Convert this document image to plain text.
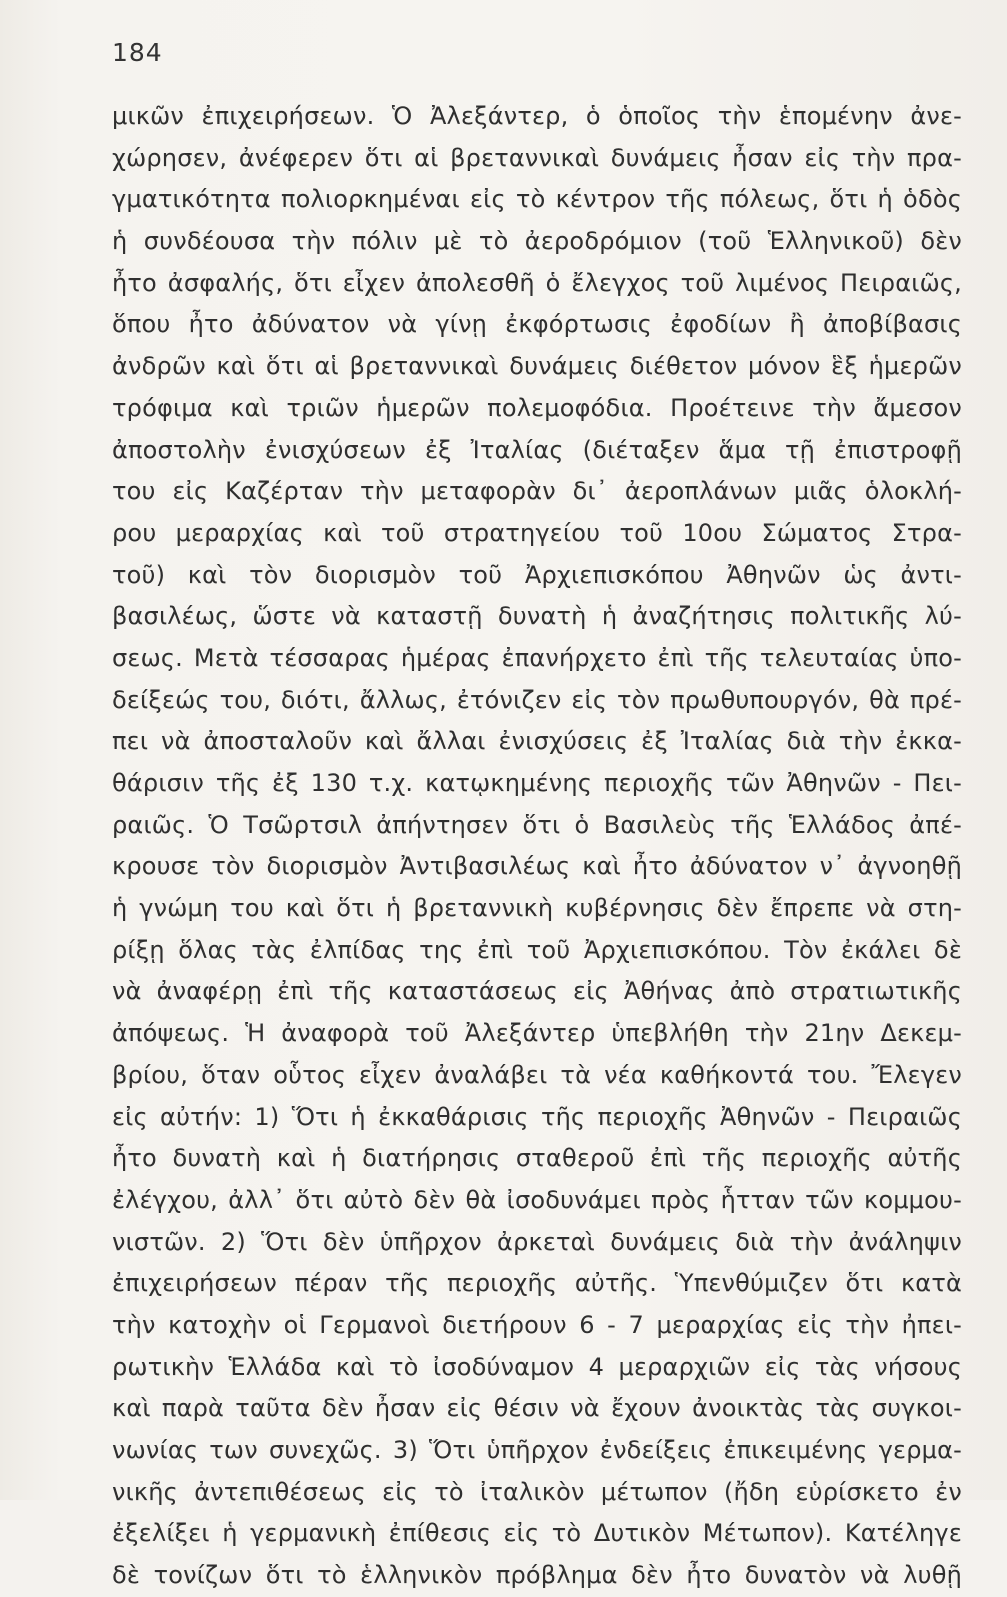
184
μικῶν ἐπιχειρήσεων. Ὁ Ἀλεξάντερ, ὁ ὁποῖος τὴν ἑπομένην ἀνε-
χώρησεν, ἀνέφερεν ὅτι αἱ βρεταννικαὶ δυνάμεις ἦσαν εἰς τὴν πρα-
γματικότητα πολιορκημέναι εἰς τὸ κέντρον τῆς πόλεως, ὅτι ἡ ὁδὸς
ἡ συνδέουσα τὴν πόλιν μὲ τὸ ἀεροδρόμιον (τοῦ Ἑλληνικοῦ) δὲν
ἦτο ἀσφαλής, ὅτι εἶχεν ἀπολεσθῆ ὁ ἔλεγχος τοῦ λιμένος Πειραιῶς,
ὅπου ἦτο ἀδύνατον νὰ γίνῃ ἐκφόρτωσις ἐφοδίων ἢ ἀποβίβασις
ἀνδρῶν καὶ ὅτι αἱ βρεταννικαὶ δυνάμεις διέθετον μόνον ἓξ ἡμερῶν
τρόφιμα καὶ τριῶν ἡμερῶν πολεμοφόδια. Προέτεινε τὴν ἄμεσον
ἀποστολὴν ἐνισχύσεων ἐξ Ἰταλίας (διέταξεν ἅμα τῇ ἐπιστροφῇ
του εἰς Καζέρταν τὴν μεταφορὰν δι᾽ ἀεροπλάνων μιᾶς ὁλοκλή-
ρου μεραρχίας καὶ τοῦ στρατηγείου τοῦ 10ου Σώματος Στρα-
τοῦ) καὶ τὸν διορισμὸν τοῦ Ἀρχιεπισκόπου Ἀθηνῶν ὡς ἀντι-
βασιλέως, ὥστε νὰ καταστῇ δυνατὴ ἡ ἀναζήτησις πολιτικῆς λύ-
σεως. Μετὰ τέσσαρας ἡμέρας ἐπανήρχετο ἐπὶ τῆς τελευταίας ὑπο-
δείξεώς του, διότι, ἄλλως, ἐτόνιζεν εἰς τὸν πρωθυπουργόν, θὰ πρέ-
πει νὰ ἀποσταλοῦν καὶ ἄλλαι ἐνισχύσεις ἐξ Ἰταλίας διὰ τὴν ἐκκα-
θάρισιν τῆς ἐξ 130 τ.χ. κατῳκημένης περιοχῆς τῶν Ἀθηνῶν - Πει-
ραιῶς. Ὁ Τσῶρτσιλ ἀπήντησεν ὅτι ὁ Βασιλεὺς τῆς Ἑλλάδος ἀπέ-
κρουσε τὸν διορισμὸν Ἀντιβασιλέως καὶ ἦτο ἀδύνατον ν᾽ ἀγνοηθῇ
ἡ γνώμη του καὶ ὅτι ἡ βρεταννικὴ κυβέρνησις δὲν ἔπρεπε νὰ στη-
ρίξῃ ὅλας τὰς ἐλπίδας της ἐπὶ τοῦ Ἀρχιεπισκόπου. Τὸν ἐκάλει δὲ
νὰ ἀναφέρῃ ἐπὶ τῆς καταστάσεως εἰς Ἀθήνας ἀπὸ στρατιωτικῆς
ἀπόψεως. Ἡ ἀναφορὰ τοῦ Ἀλεξάντερ ὑπεβλήθη τὴν 21ην Δεκεμ-
βρίου, ὅταν οὗτος εἶχεν ἀναλάβει τὰ νέα καθήκοντά του. Ἔλεγεν
εἰς αὐτήν: 1) Ὅτι ἡ ἐκκαθάρισις τῆς περιοχῆς Ἀθηνῶν - Πειραιῶς
ἦτο δυνατὴ καὶ ἡ διατήρησις σταθεροῦ ἐπὶ τῆς περιοχῆς αὐτῆς
ἐλέγχου, ἀλλ᾽ ὅτι αὐτὸ δὲν θὰ ἰσοδυνάμει πρὸς ἧτταν τῶν κομμου-
νιστῶν. 2) Ὅτι δὲν ὑπῆρχον ἀρκεταὶ δυνάμεις διὰ τὴν ἀνάληψιν
ἐπιχειρήσεων πέραν τῆς περιοχῆς αὐτῆς. Ὑπενθύμιζεν ὅτι κατὰ
τὴν κατοχὴν οἱ Γερμανοὶ διετήρουν 6 - 7 μεραρχίας εἰς τὴν ἠπει-
ρωτικὴν Ἑλλάδα καὶ τὸ ἰσοδύναμον 4 μεραρχιῶν εἰς τὰς νήσους
καὶ παρὰ ταῦτα δὲν ἦσαν εἰς θέσιν νὰ ἔχουν ἀνοικτὰς τὰς συγκοι-
νωνίας των συνεχῶς. 3) Ὅτι ὑπῆρχον ἐνδείξεις ἐπικειμένης γερμα-
νικῆς ἀντεπιθέσεως εἰς τὸ ἰταλικὸν μέτωπον (ἤδη εὑρίσκετο ἐν
ἐξελίξει ἡ γερμανικὴ ἐπίθεσις εἰς τὸ Δυτικὸν Μέτωπον). Κατέληγε
δὲ τονίζων ὅτι τὸ ἑλληνικὸν πρόβλημα δὲν ἦτο δυνατὸν νὰ λυθῇ
